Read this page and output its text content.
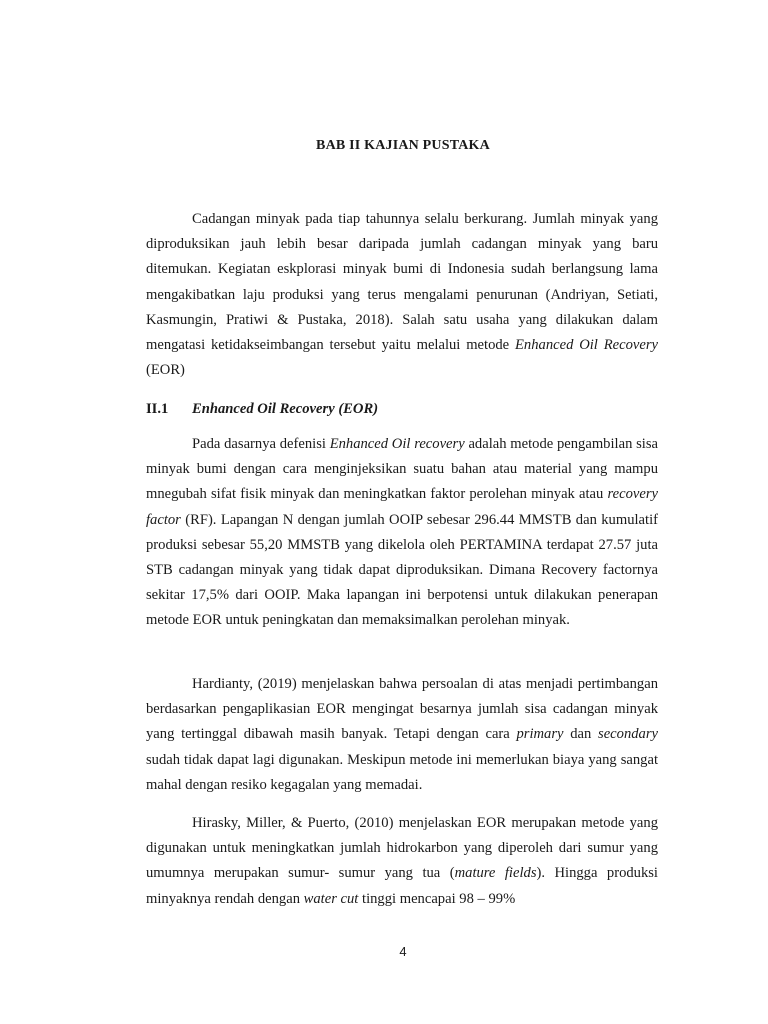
BAB II KAJIAN PUSTAKA

Cadangan minyak pada tiap tahunnya selalu berkurang. Jumlah minyak yang diproduksikan jauh lebih besar daripada jumlah cadangan minyak yang baru ditemukan. Kegiatan eskplorasi minyak bumi di Indonesia sudah berlangsung lama mengakibatkan laju produksi yang terus mengalami penurunan (Andriyan, Setiati, Kasmungin, Pratiwi & Pustaka, 2018). Salah satu usaha yang dilakukan dalam mengatasi ketidakseimbangan tersebut yaitu melalui metode Enhanced Oil Recovery (EOR)

II.1 Enhanced Oil Recovery (EOR)

Pada dasarnya defenisi Enhanced Oil recovery adalah metode pengambilan sisa minyak bumi dengan cara menginjeksikan suatu bahan atau material yang mampu mnegubah sifat fisik minyak dan meningkatkan faktor perolehan minyak atau recovery factor (RF). Lapangan N dengan jumlah OOIP sebesar 296.44 MMSTB dan kumulatif produksi sebesar 55,20 MMSTB yang dikelola oleh PERTAMINA terdapat 27.57 juta STB cadangan minyak yang tidak dapat diproduksikan. Dimana Recovery factornya sekitar 17,5% dari OOIP. Maka lapangan ini berpotensi untuk dilakukan penerapan metode EOR untuk peningkatan dan memaksimalkan perolehan minyak.

Hardianty, (2019) menjelaskan bahwa persoalan di atas menjadi pertimbangan berdasarkan pengaplikasian EOR mengingat besarnya jumlah sisa cadangan minyak yang tertinggal dibawah masih banyak. Tetapi dengan cara primary dan secondary sudah tidak dapat lagi digunakan. Meskipun metode ini memerlukan biaya yang sangat mahal dengan resiko kegagalan yang memadai.

Hirasky, Miller, & Puerto, (2010) menjelaskan EOR merupakan metode yang digunakan untuk meningkatkan jumlah hidrokarbon yang diperoleh dari sumur yang umumnya merupakan sumur- sumur yang tua (mature fields). Hingga produksi minyaknya rendah dengan water cut tinggi mencapai 98 – 99%

4
